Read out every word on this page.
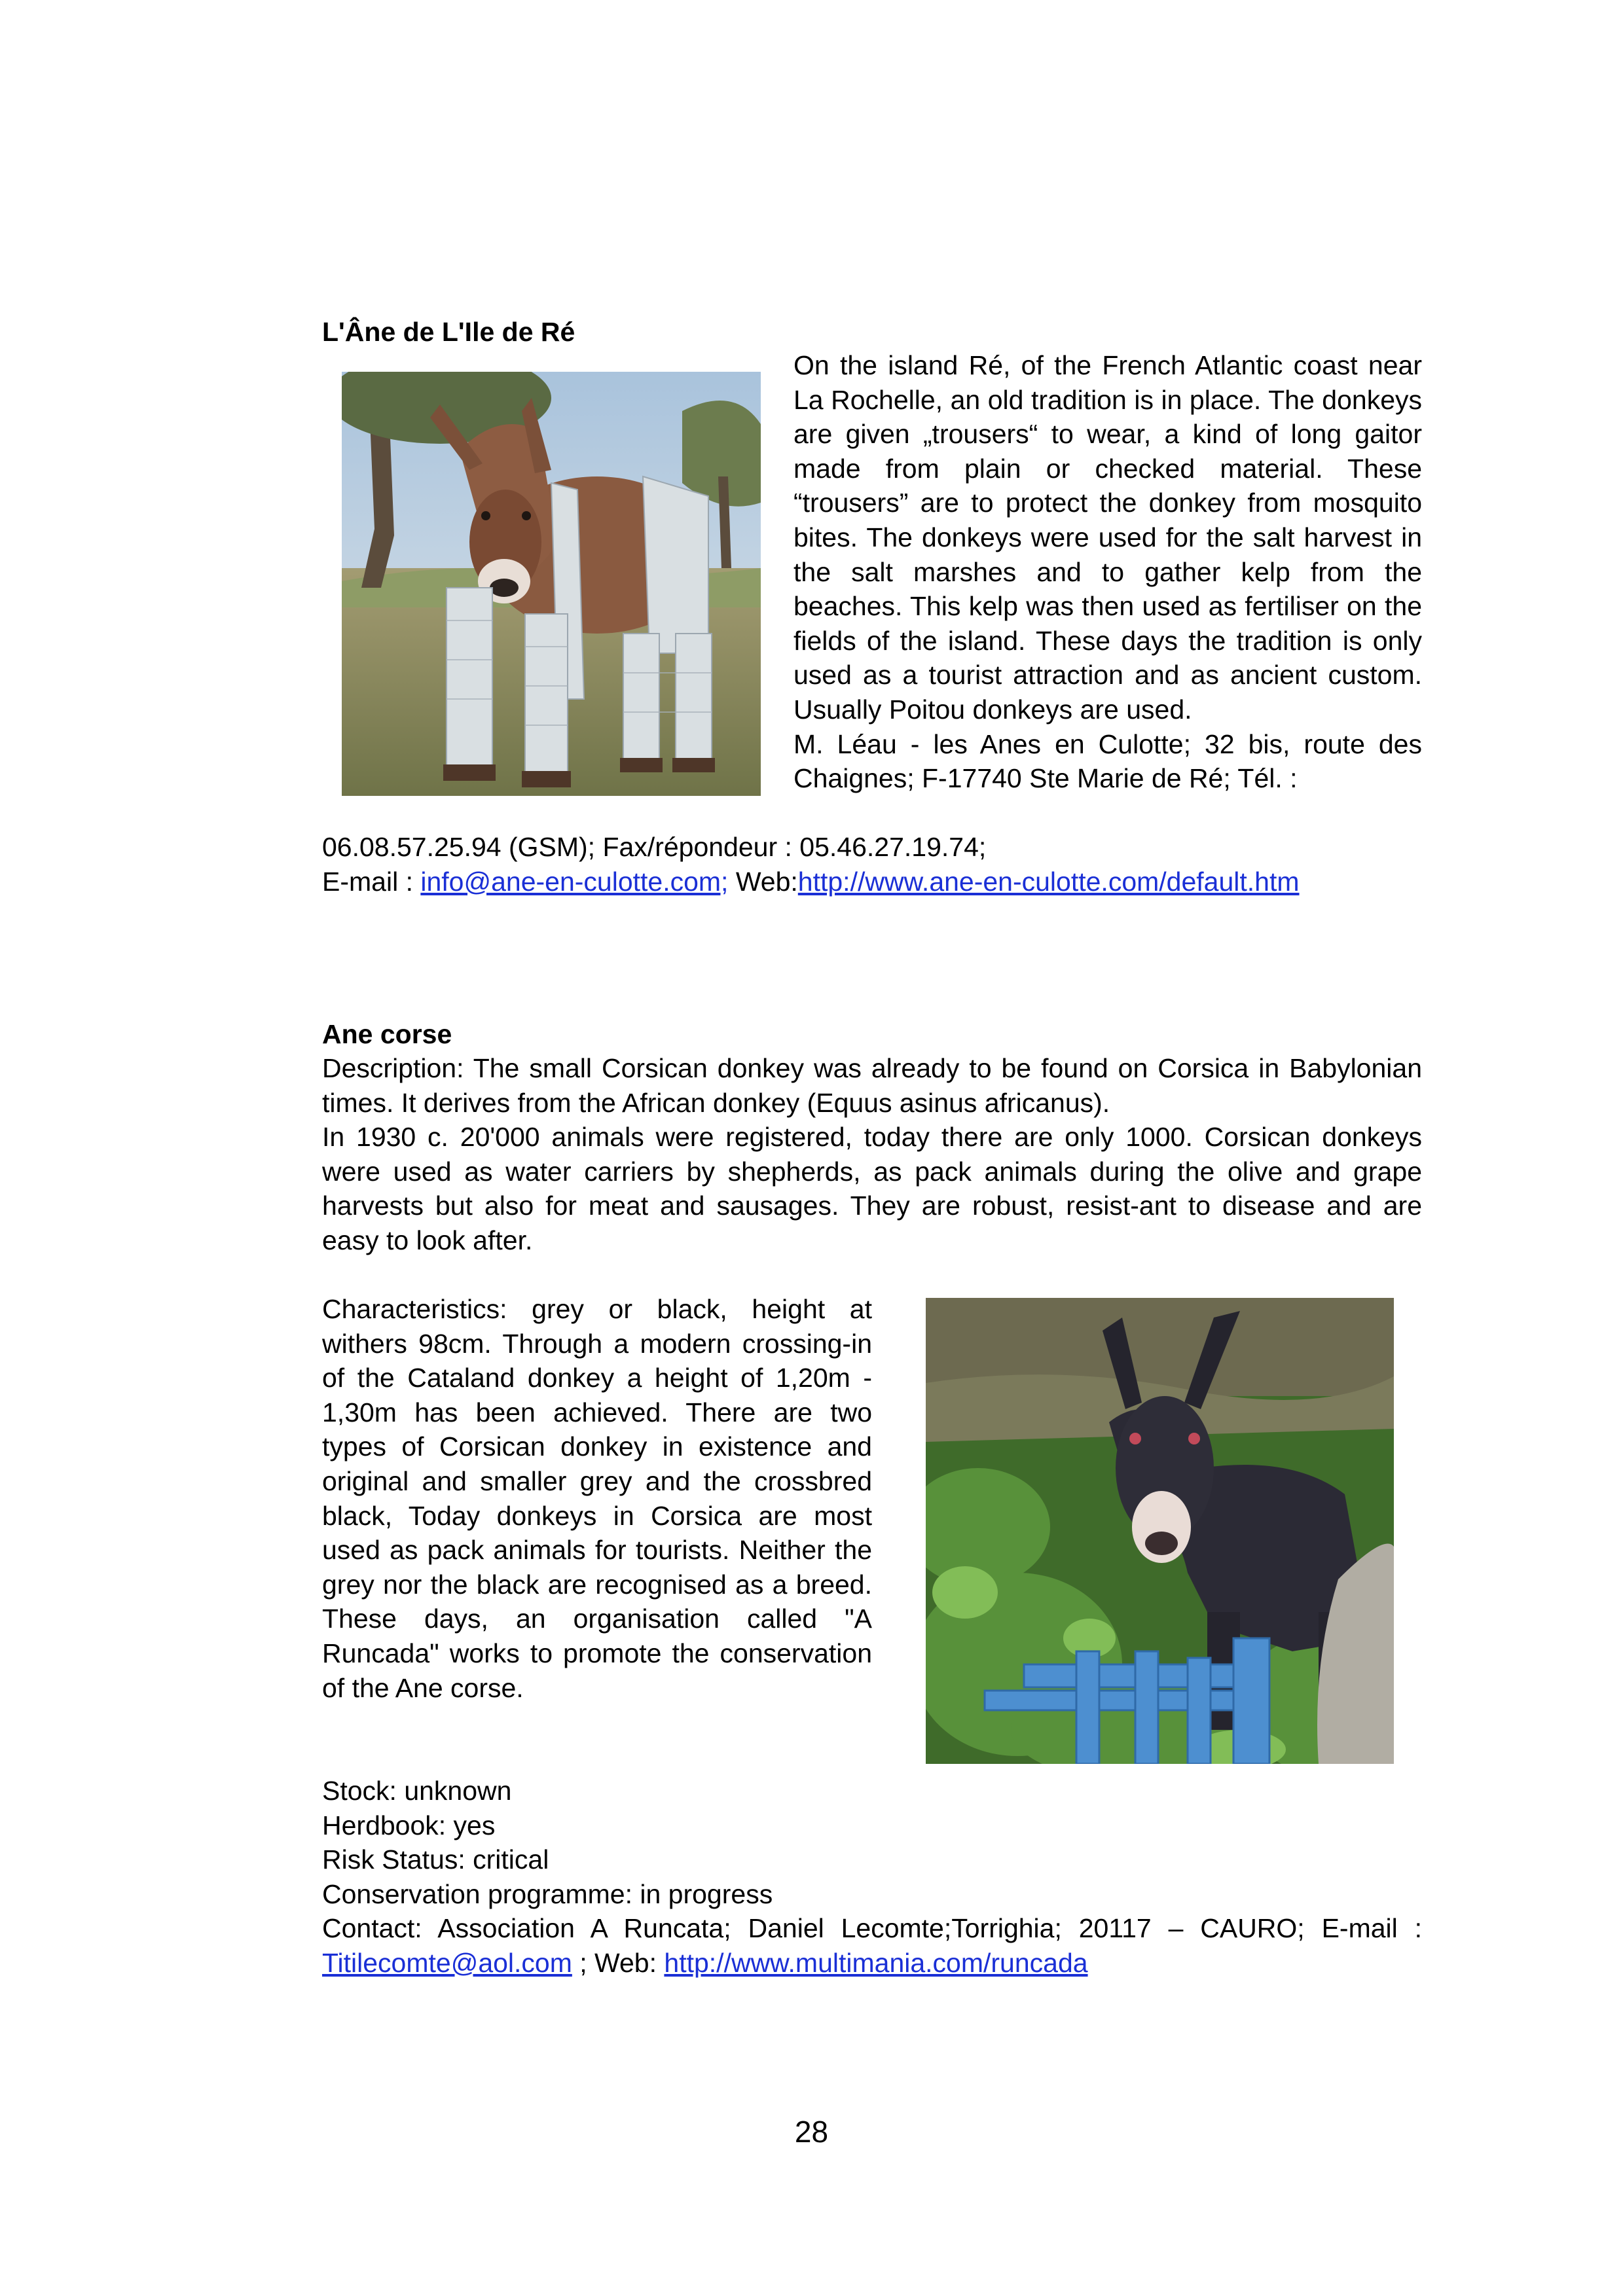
L'Âne de L'Ile de Ré

On the island Ré, of the French Atlantic coast near La Rochelle, an old tradition is in place. The donkeys are given „trousers“ to wear, a kind of long gaitor made from plain or checked material. These “trousers” are to protect the donkey from mosquito bites. The donkeys were used for the salt harvest in the salt marshes and to gather kelp from the beaches. This kelp was then used as fertiliser on the fields of the island. These days the tradition is only used as a tourist attraction and as ancient custom. Usually Poitou donkeys are used.

M. Léau - les Anes en Culotte; 32 bis, route des Chaignes; F-17740 Ste Marie de Ré; Tél. :

06.08.57.25.94 (GSM); Fax/répondeur : 05.46.27.19.74;

E-mail : info@ane-en-culotte.com; Web:http://www.ane-en-culotte.com/default.htm

Ane corse

Description: The small Corsican donkey was already to be found on Corsica in Babylonian times. It derives from the African donkey (Equus asinus africanus).

In 1930 c. 20'000 animals were registered, today there are only 1000. Corsican donkeys were used as water carriers by shepherds, as pack animals during the olive and grape harvests but also for meat and sausages. They are robust, resist-ant to disease and are easy to look after.

Characteristics: grey or black, height at withers 98cm. Through a modern crossing-in of the Cataland donkey a height of 1,20m - 1,30m has been achieved. There are two types of Corsican donkey in existence and original and smaller grey and the crossbred black, Today donkeys in Corsica are most used as pack animals for tourists. Neither the grey nor the black are recognised as a breed. These days, an organisation called "A Runcada" works to promote the conservation of the Ane corse.

Stock: unknown

Herdbook: yes

Risk Status: critical

Conservation programme: in progress

Contact: Association A Runcata; Daniel Lecomte;Torrighia; 20117 – CAURO; E-mail : Titilecomte@aol.com ; Web: http://www.multimania.com/runcada

28
